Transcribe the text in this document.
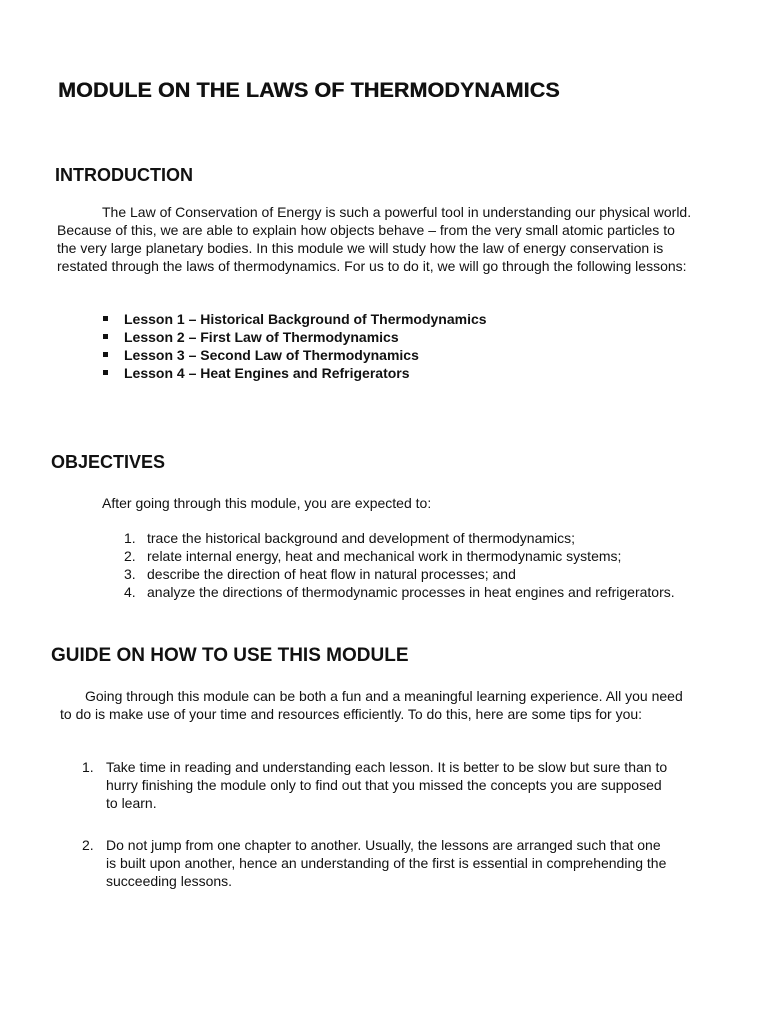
MODULE ON THE LAWS OF THERMODYNAMICS
INTRODUCTION

The Law of Conservation of Energy is such a powerful tool in understanding our physical world. Because of this, we are able to explain how objects behave – from the very small atomic particles to the very large planetary bodies. In this module we will study how the law of energy conservation is restated through the laws of thermodynamics. For us to do it, we will go through the following lessons:

Lesson 1 – Historical Background of Thermodynamics
Lesson 2 – First Law of Thermodynamics
Lesson 3 – Second Law of Thermodynamics
Lesson 4 – Heat Engines and Refrigerators
OBJECTIVES

After going through this module, you are expected to:

1. trace the historical background and development of thermodynamics;
2. relate internal energy, heat and mechanical work in thermodynamic systems;
3. describe the direction of heat flow in natural processes; and
4. analyze the directions of thermodynamic processes in heat engines and refrigerators.
GUIDE ON HOW TO USE THIS MODULE

Going through this module can be both a fun and a meaningful learning experience. All you need to do is make use of your time and resources efficiently. To do this, here are some tips for you:

1. Take time in reading and understanding each lesson. It is better to be slow but sure than to hurry finishing the module only to find out that you missed the concepts you are supposed to learn.
2. Do not jump from one chapter to another. Usually, the lessons are arranged such that one is built upon another, hence an understanding of the first is essential in comprehending the succeeding lessons.
